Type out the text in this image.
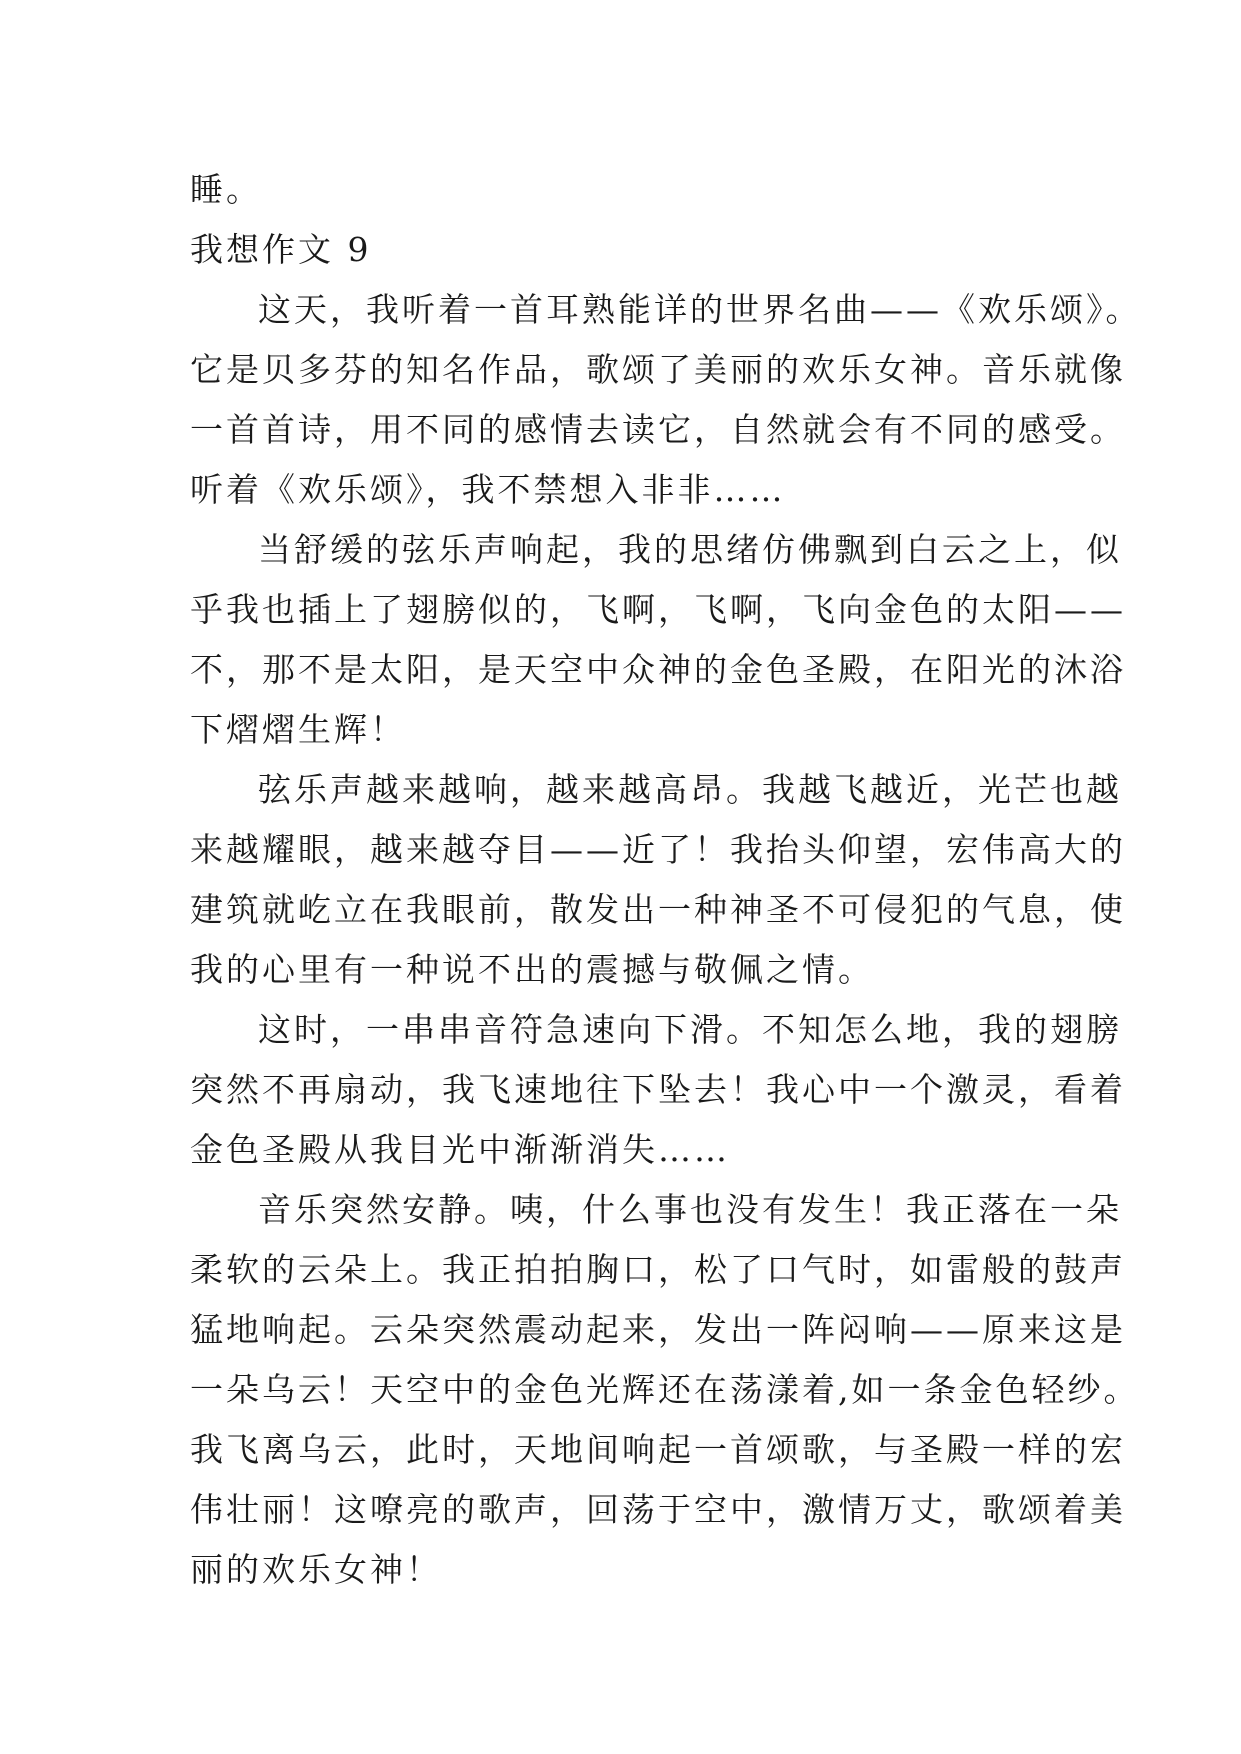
睡。
我想作文 9
这天，我听着一首耳熟能详的世界名曲——《欢乐颂》。
它是贝多芬的知名作品，歌颂了美丽的欢乐女神。音乐就像
一首首诗，用不同的感情去读它，自然就会有不同的感受。
听着《欢乐颂》，我不禁想入非非……
当舒缓的弦乐声响起，我的思绪仿佛飘到白云之上，似
乎我也插上了翅膀似的，飞啊，飞啊，飞向金色的太阳——
不，那不是太阳，是天空中众神的金色圣殿，在阳光的沐浴
下熠熠生辉！
弦乐声越来越响，越来越高昂。我越飞越近，光芒也越
来越耀眼，越来越夺目——近了！我抬头仰望，宏伟高大的
建筑就屹立在我眼前，散发出一种神圣不可侵犯的气息，使
我的心里有一种说不出的震撼与敬佩之情。
这时，一串串音符急速向下滑。不知怎么地，我的翅膀
突然不再扇动，我飞速地往下坠去！我心中一个激灵，看着
金色圣殿从我目光中渐渐消失……
音乐突然安静。咦，什么事也没有发生！我正落在一朵
柔软的云朵上。我正拍拍胸口，松了口气时，如雷般的鼓声
猛地响起。云朵突然震动起来，发出一阵闷响——原来这是
一朵乌云！天空中的金色光辉还在荡漾着,如一条金色轻纱。
我飞离乌云，此时，天地间响起一首颂歌，与圣殿一样的宏
伟壮丽！这嘹亮的歌声，回荡于空中，激情万丈，歌颂着美
丽的欢乐女神！
